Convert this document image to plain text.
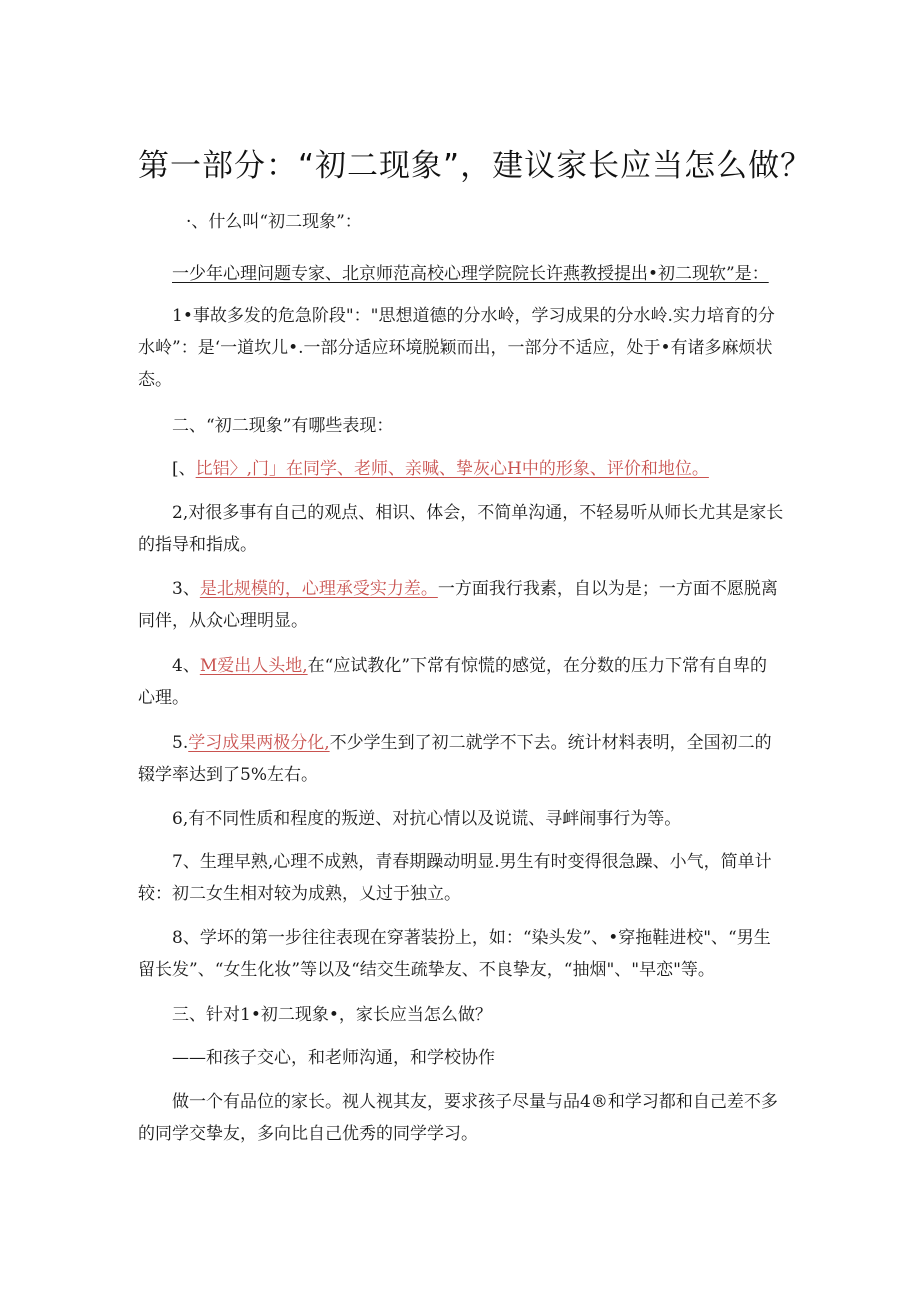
第一部分：“初二现象”，建议家长应当怎么做？

·、什么叫“初二现象”：

一少年心理问题专家、北京师范高校心理学院院长许燕教授提出•初二现软”是：

1•事故多发的危急阶段"："思想道德的分水岭，学习成果的分水岭.实力培育的分水岭”：是‘一道坎儿•.一部分适应环境脱颖而出，一部分不适应，处于•有诸多麻烦状态。

二、“初二现象”有哪些表现：

[、比铝〉,门」在同学、老师、亲喊、挚灰心H中的形象、评价和地位。

2,对很多事有自己的观点、相识、体会，不简单沟通，不轻易听从师长尤其是家长的指导和指成。

3、是北规模的，心理承受实力差。一方面我行我素，自以为是；一方面不愿脱离同伴，从众心理明显。

4、M爱出人头地,在“应试教化”下常有惊慌的感觉，在分数的压力下常有自卑的心理。

5.学习成果两极分化,不少学生到了初二就学不下去。统计材料表明，全国初二的辍学率达到了5%左右。

6,有不同性质和程度的叛逆、对抗心情以及说谎、寻衅闹事行为等。

7、生理早熟,心理不成熟，青春期躁动明显.男生有时变得很急躁、小气，简单计较：初二女生相对较为成熟，乂过于独立。

8、学坏的第一步往往表现在穿著装扮上，如：“染头发”、•穿拖鞋进校"、“男生留长发”、“女生化妆”等以及“结交生疏挚友、不良挚友，“抽烟"、"早恋"等。

三、针对1•初二现象•，家长应当怎么做？

——和孩子交心，和老师沟通，和学校协作

做一个有品位的家长。视人视其友，要求孩子尽量与品4®和学习都和自己差不多的同学交挚友，多向比自己优秀的同学学习。
